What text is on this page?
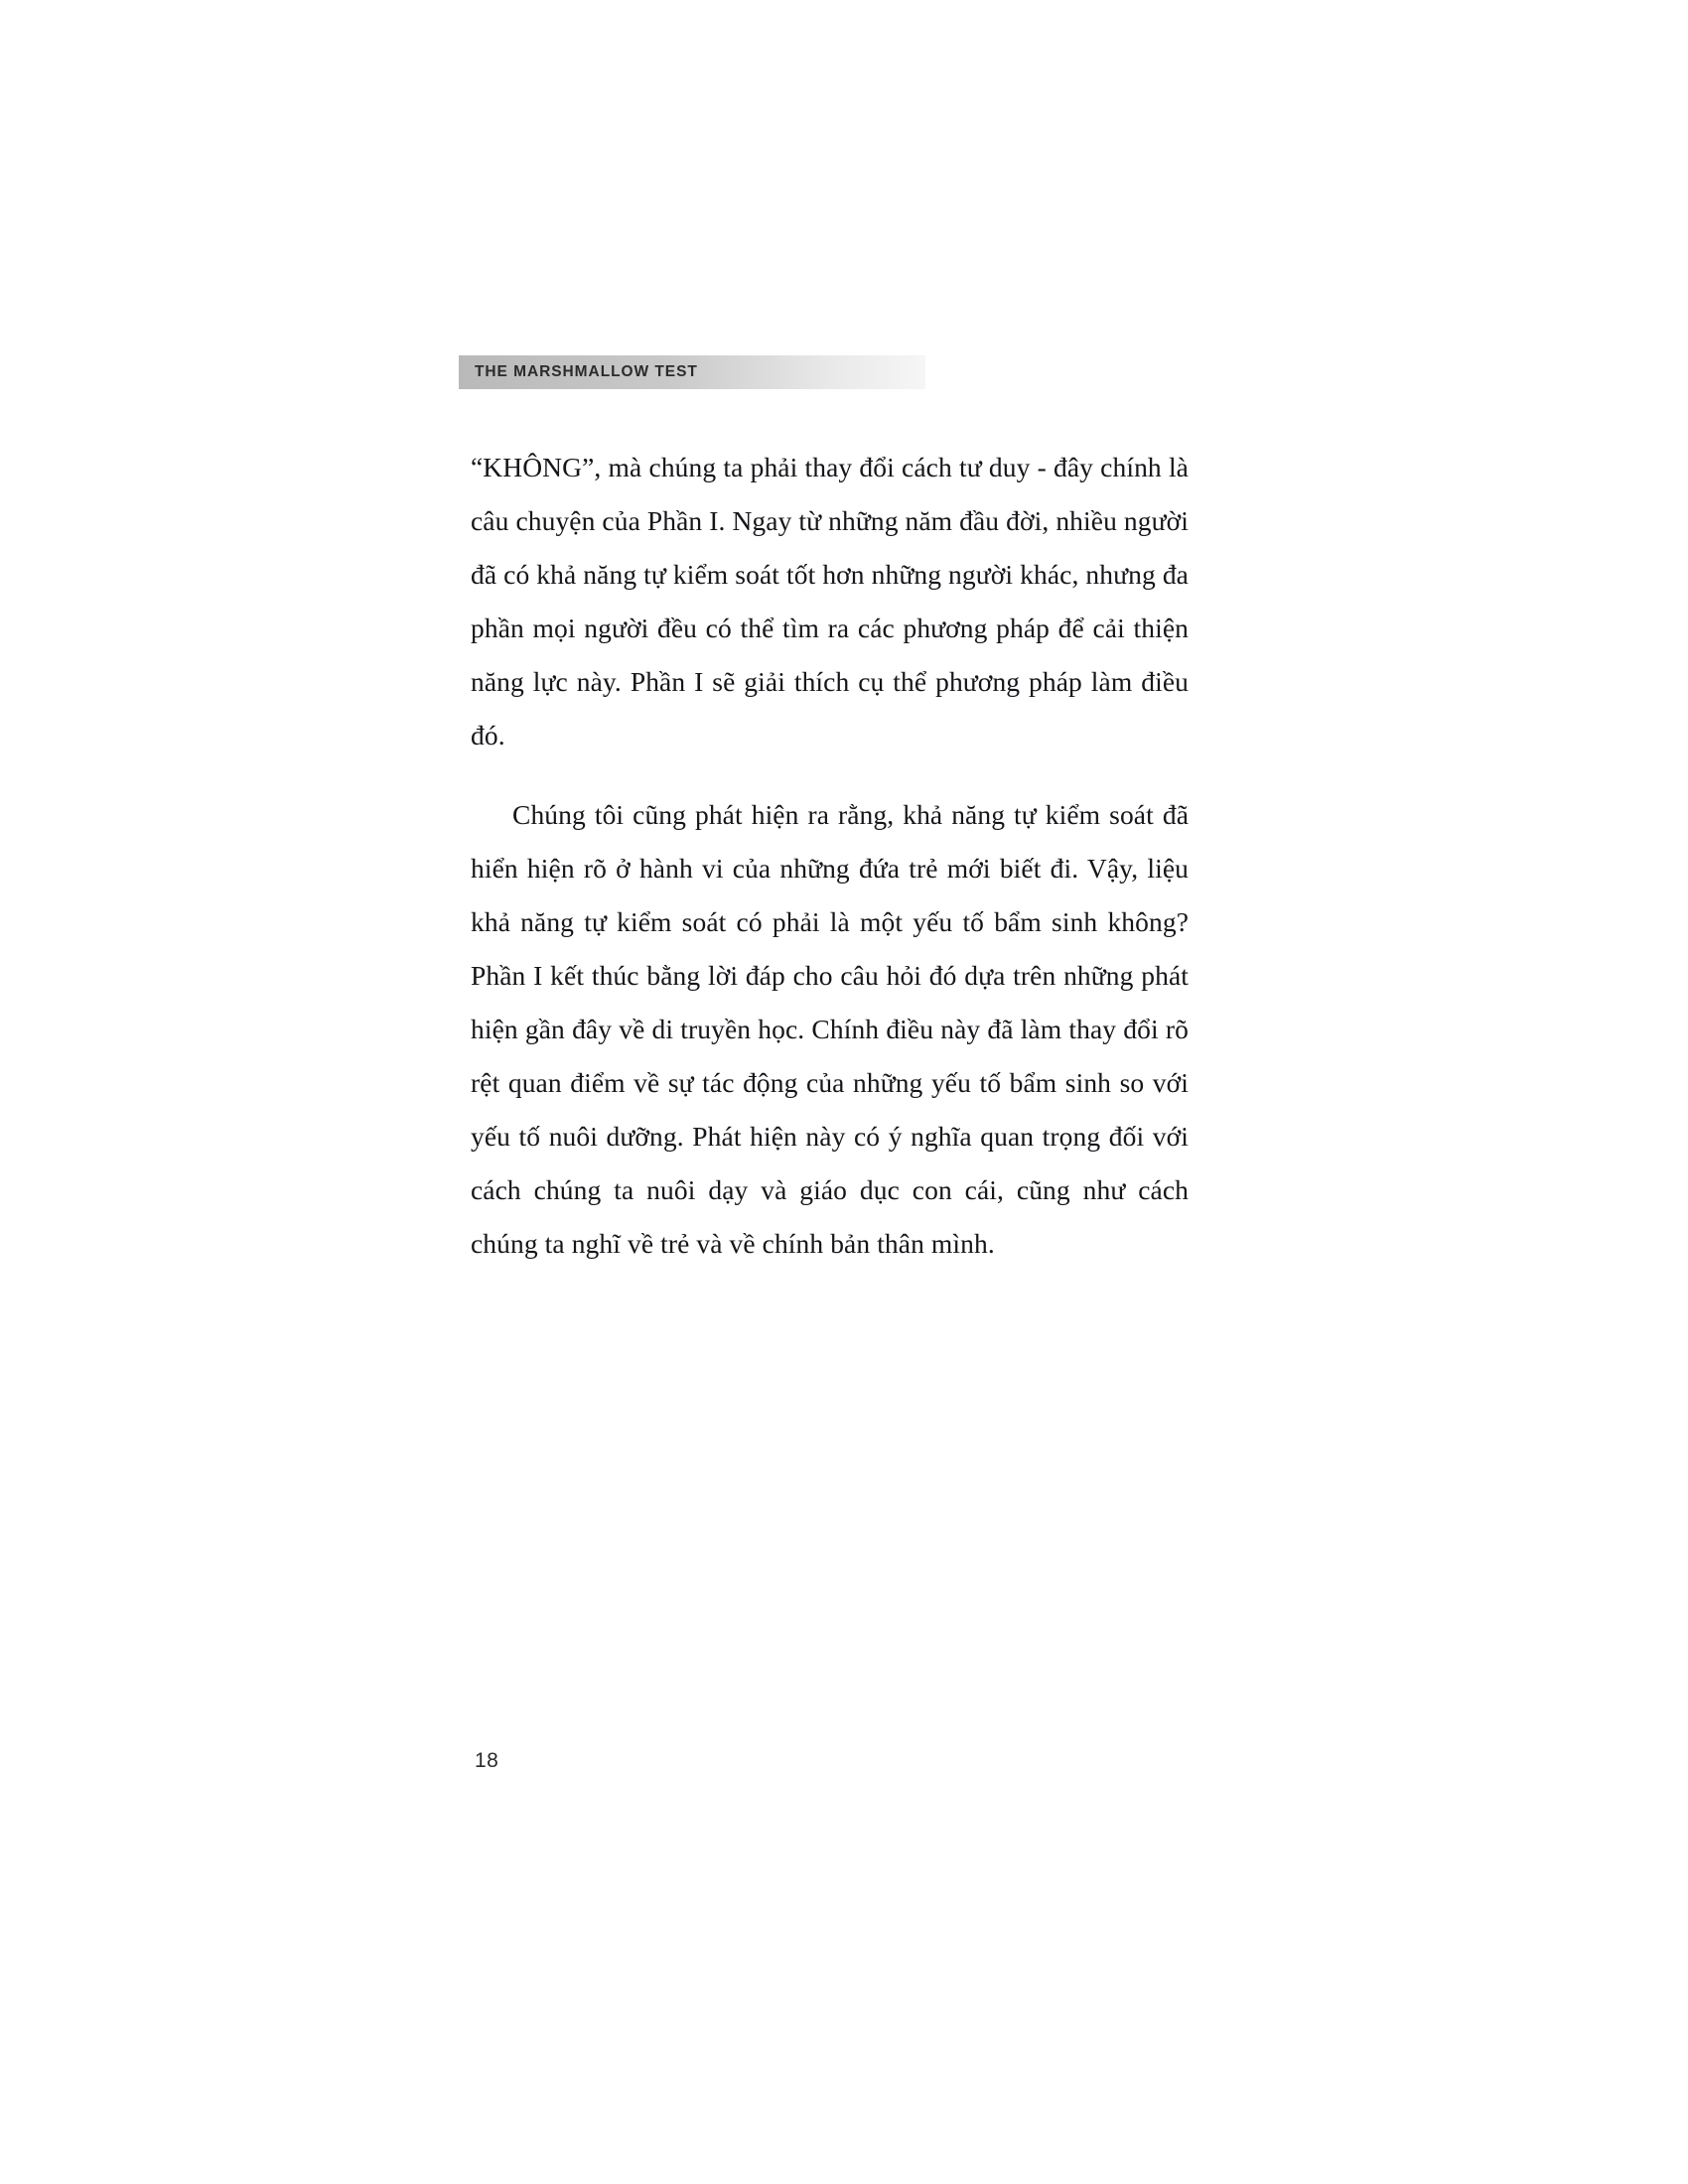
THE MARSHMALLOW TEST

“KHÔNG”, mà chúng ta phải thay đổi cách tư duy - đây chính là câu chuyện của Phần I. Ngay từ những năm đầu đời, nhiều người đã có khả năng tự kiểm soát tốt hơn những người khác, nhưng đa phần mọi người đều có thể tìm ra các phương pháp để cải thiện năng lực này. Phần I sẽ giải thích cụ thể phương pháp làm điều đó.

Chúng tôi cũng phát hiện ra rằng, khả năng tự kiểm soát đã hiển hiện rõ ở hành vi của những đứa trẻ mới biết đi. Vậy, liệu khả năng tự kiểm soát có phải là một yếu tố bẩm sinh không? Phần I kết thúc bằng lời đáp cho câu hỏi đó dựa trên những phát hiện gần đây về di truyền học. Chính điều này đã làm thay đổi rõ rệt quan điểm về sự tác động của những yếu tố bẩm sinh so với yếu tố nuôi dưỡng. Phát hiện này có ý nghĩa quan trọng đối với cách chúng ta nuôi dạy và giáo dục con cái, cũng như cách chúng ta nghĩ về trẻ và về chính bản thân mình.

18
